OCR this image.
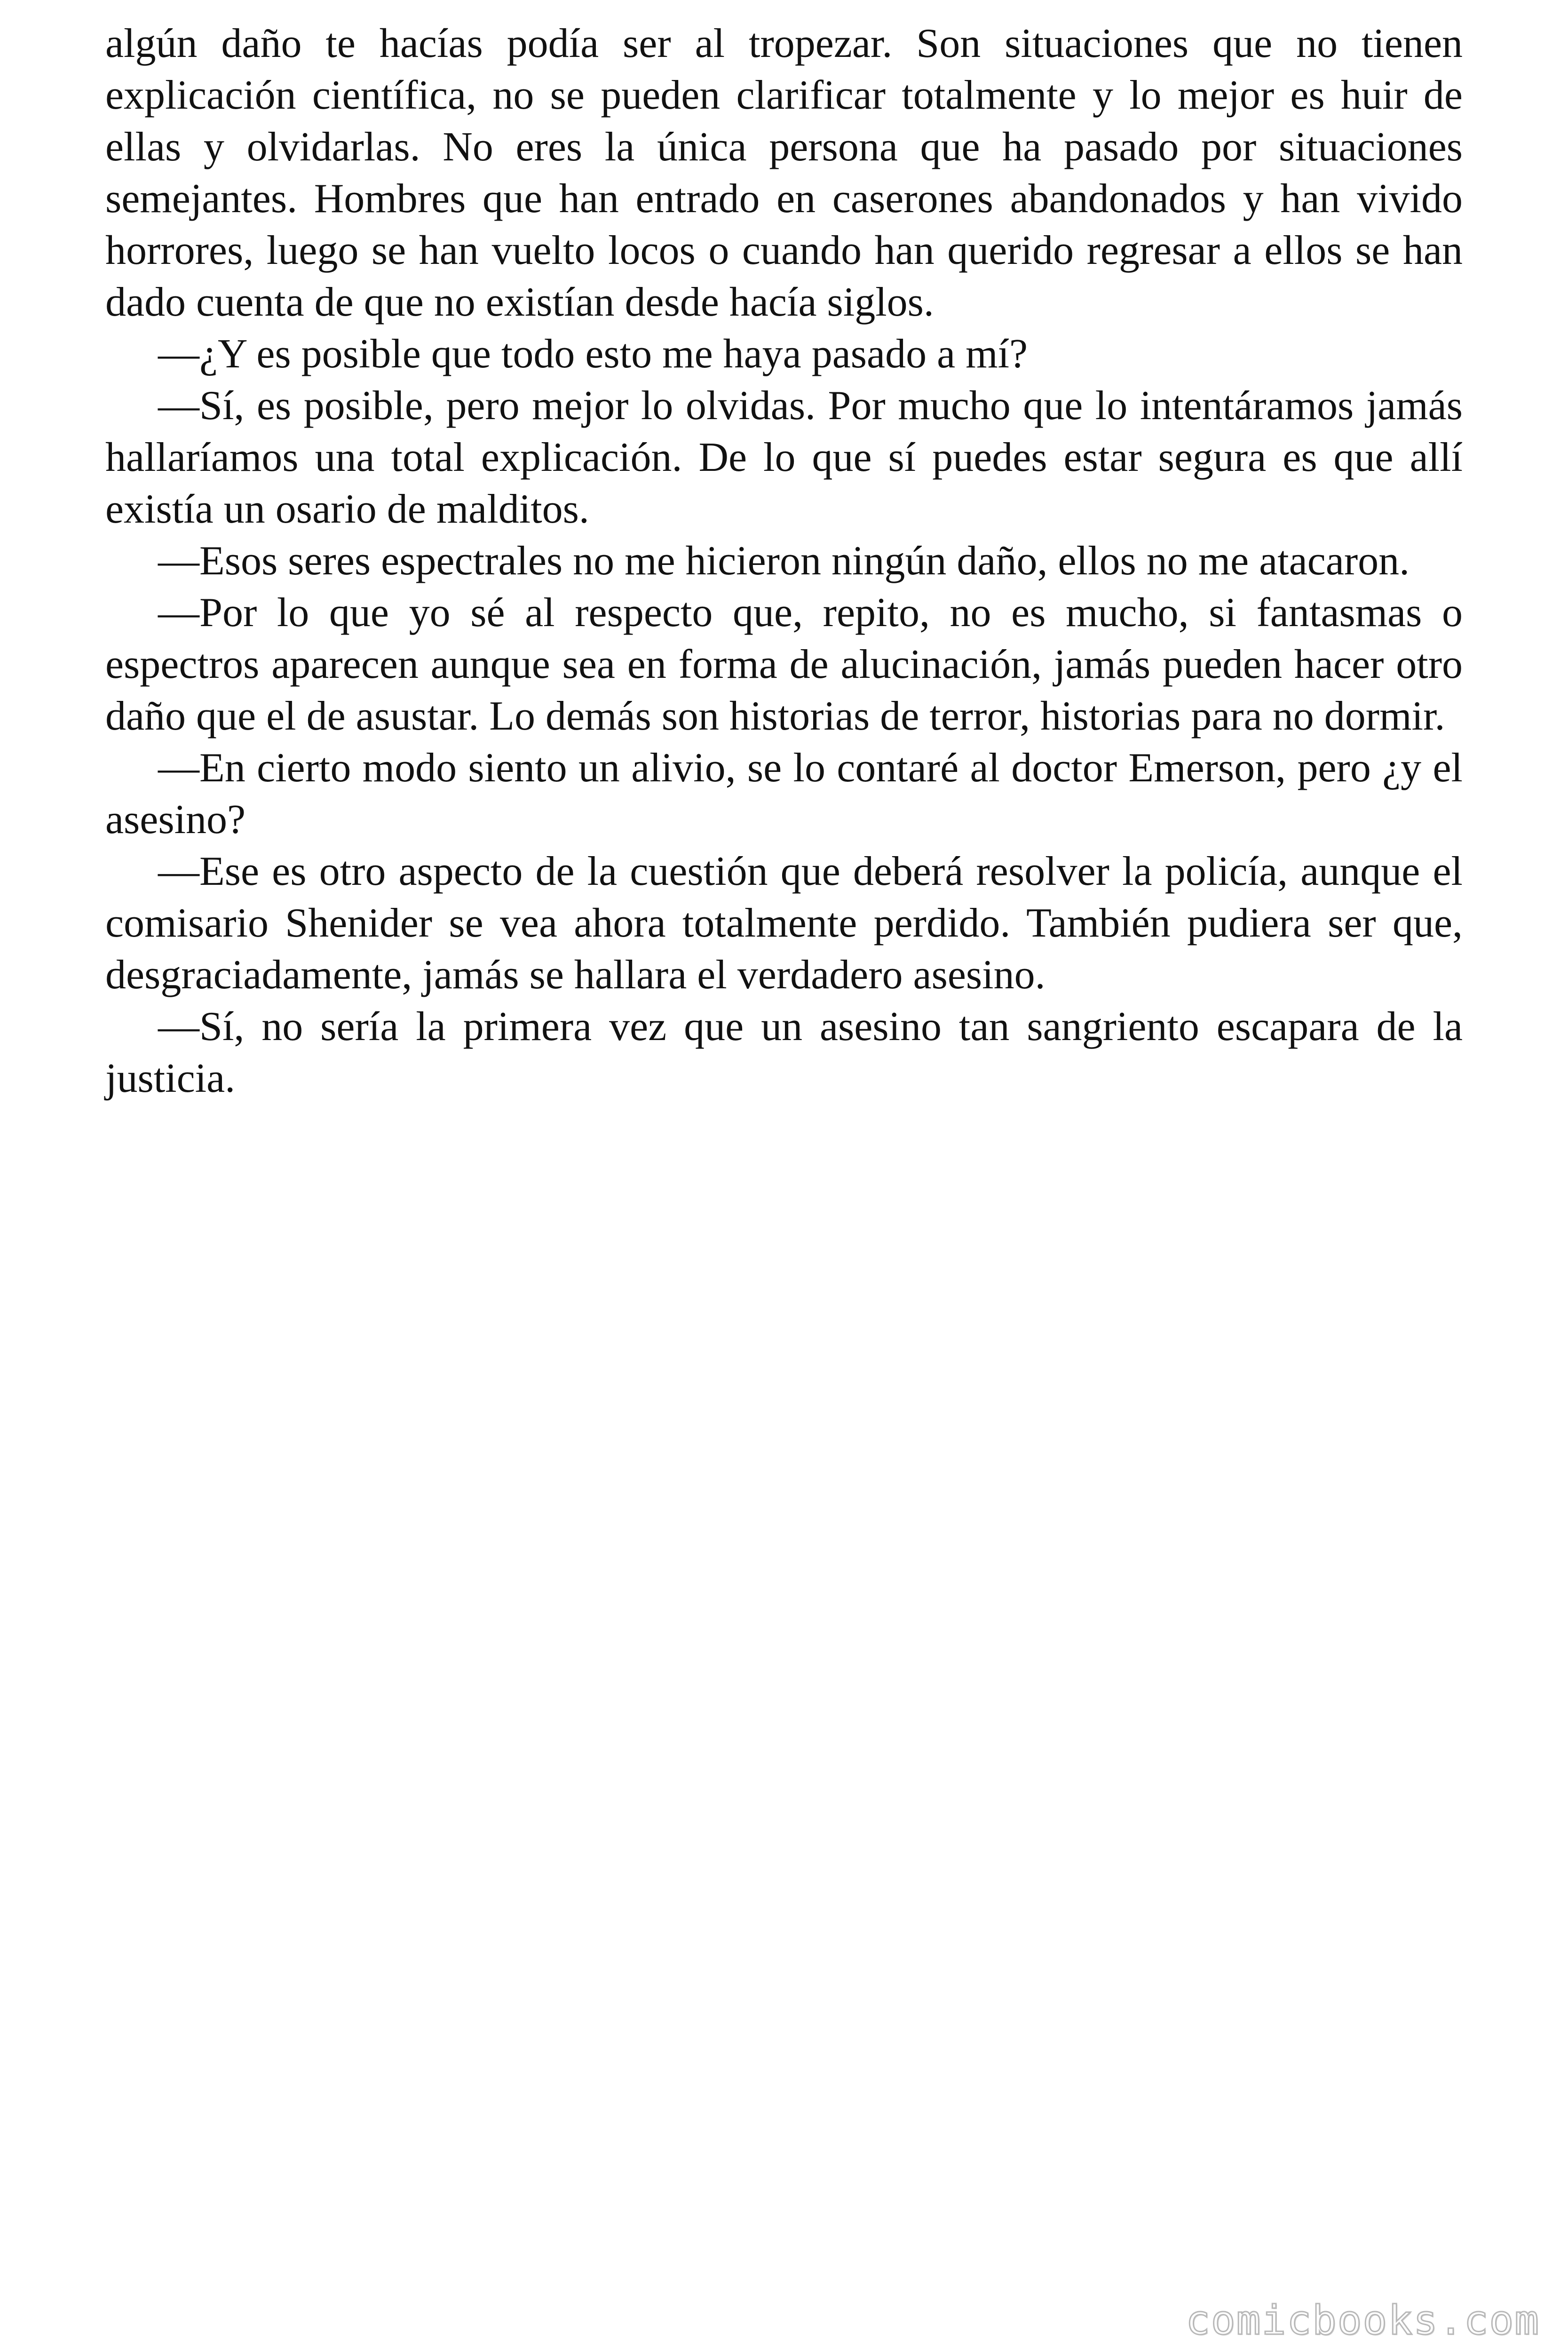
algún daño te hacías podía ser al tropezar. Son situaciones que no tienen explicación científica, no se pueden clarificar totalmente y lo mejor es huir de ellas y olvidarlas. No eres la única persona que ha pasado por situaciones semejantes. Hombres que han entrado en caserones abandonados y han vivido horrores, luego se han vuelto locos o cuando han querido regresar a ellos se han dado cuenta de que no existían desde hacía siglos.

—¿Y es posible que todo esto me haya pasado a mí?

—Sí, es posible, pero mejor lo olvidas. Por mucho que lo intentáramos jamás hallaríamos una total explicación. De lo que sí puedes estar segura es que allí existía un osario de malditos.

—Esos seres espectrales no me hicieron ningún daño, ellos no me atacaron.

—Por lo que yo sé al respecto que, repito, no es mucho, si fantasmas o espectros aparecen aunque sea en forma de alucinación, jamás pueden hacer otro daño que el de asustar. Lo demás son historias de terror, historias para no dormir.

—En cierto modo siento un alivio, se lo contaré al doctor Emerson, pero ¿y el asesino?

—Ese es otro aspecto de la cuestión que deberá resolver la policía, aunque el comisario Shenider se vea ahora totalmente perdido. También pudiera ser que, desgraciadamente, jamás se hallara el verdadero asesino.

—Sí, no sería la primera vez que un asesino tan sangriento escapara de la justicia.

comicbooks.com
